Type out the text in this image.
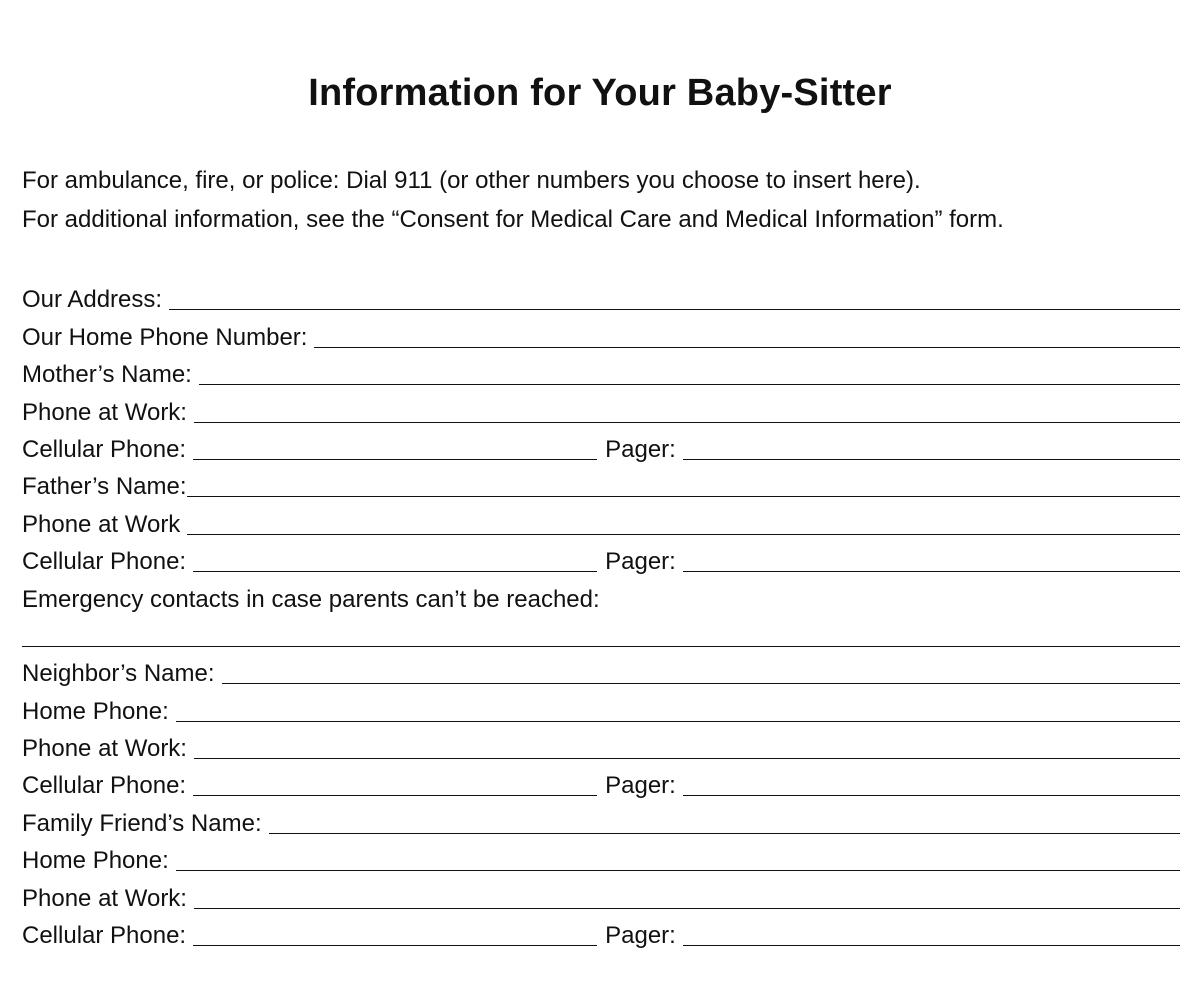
Information for Your Baby-Sitter
For ambulance, fire, or police: Dial 911 (or other numbers you choose to insert here).
For additional information, see the “Consent for Medical Care and Medical Information” form.
Our Address:
Our Home Phone Number:
Mother’s Name:
Phone at Work:
Cellular Phone:	Pager:
Father’s Name:
Phone at Work
Cellular Phone:	Pager:
Emergency contacts in case parents can’t be reached:
Neighbor’s Name:
Home Phone:
Phone at Work:
Cellular Phone:	Pager:
Family Friend’s Name:
Home Phone:
Phone at Work:
Cellular Phone:	Pager:
